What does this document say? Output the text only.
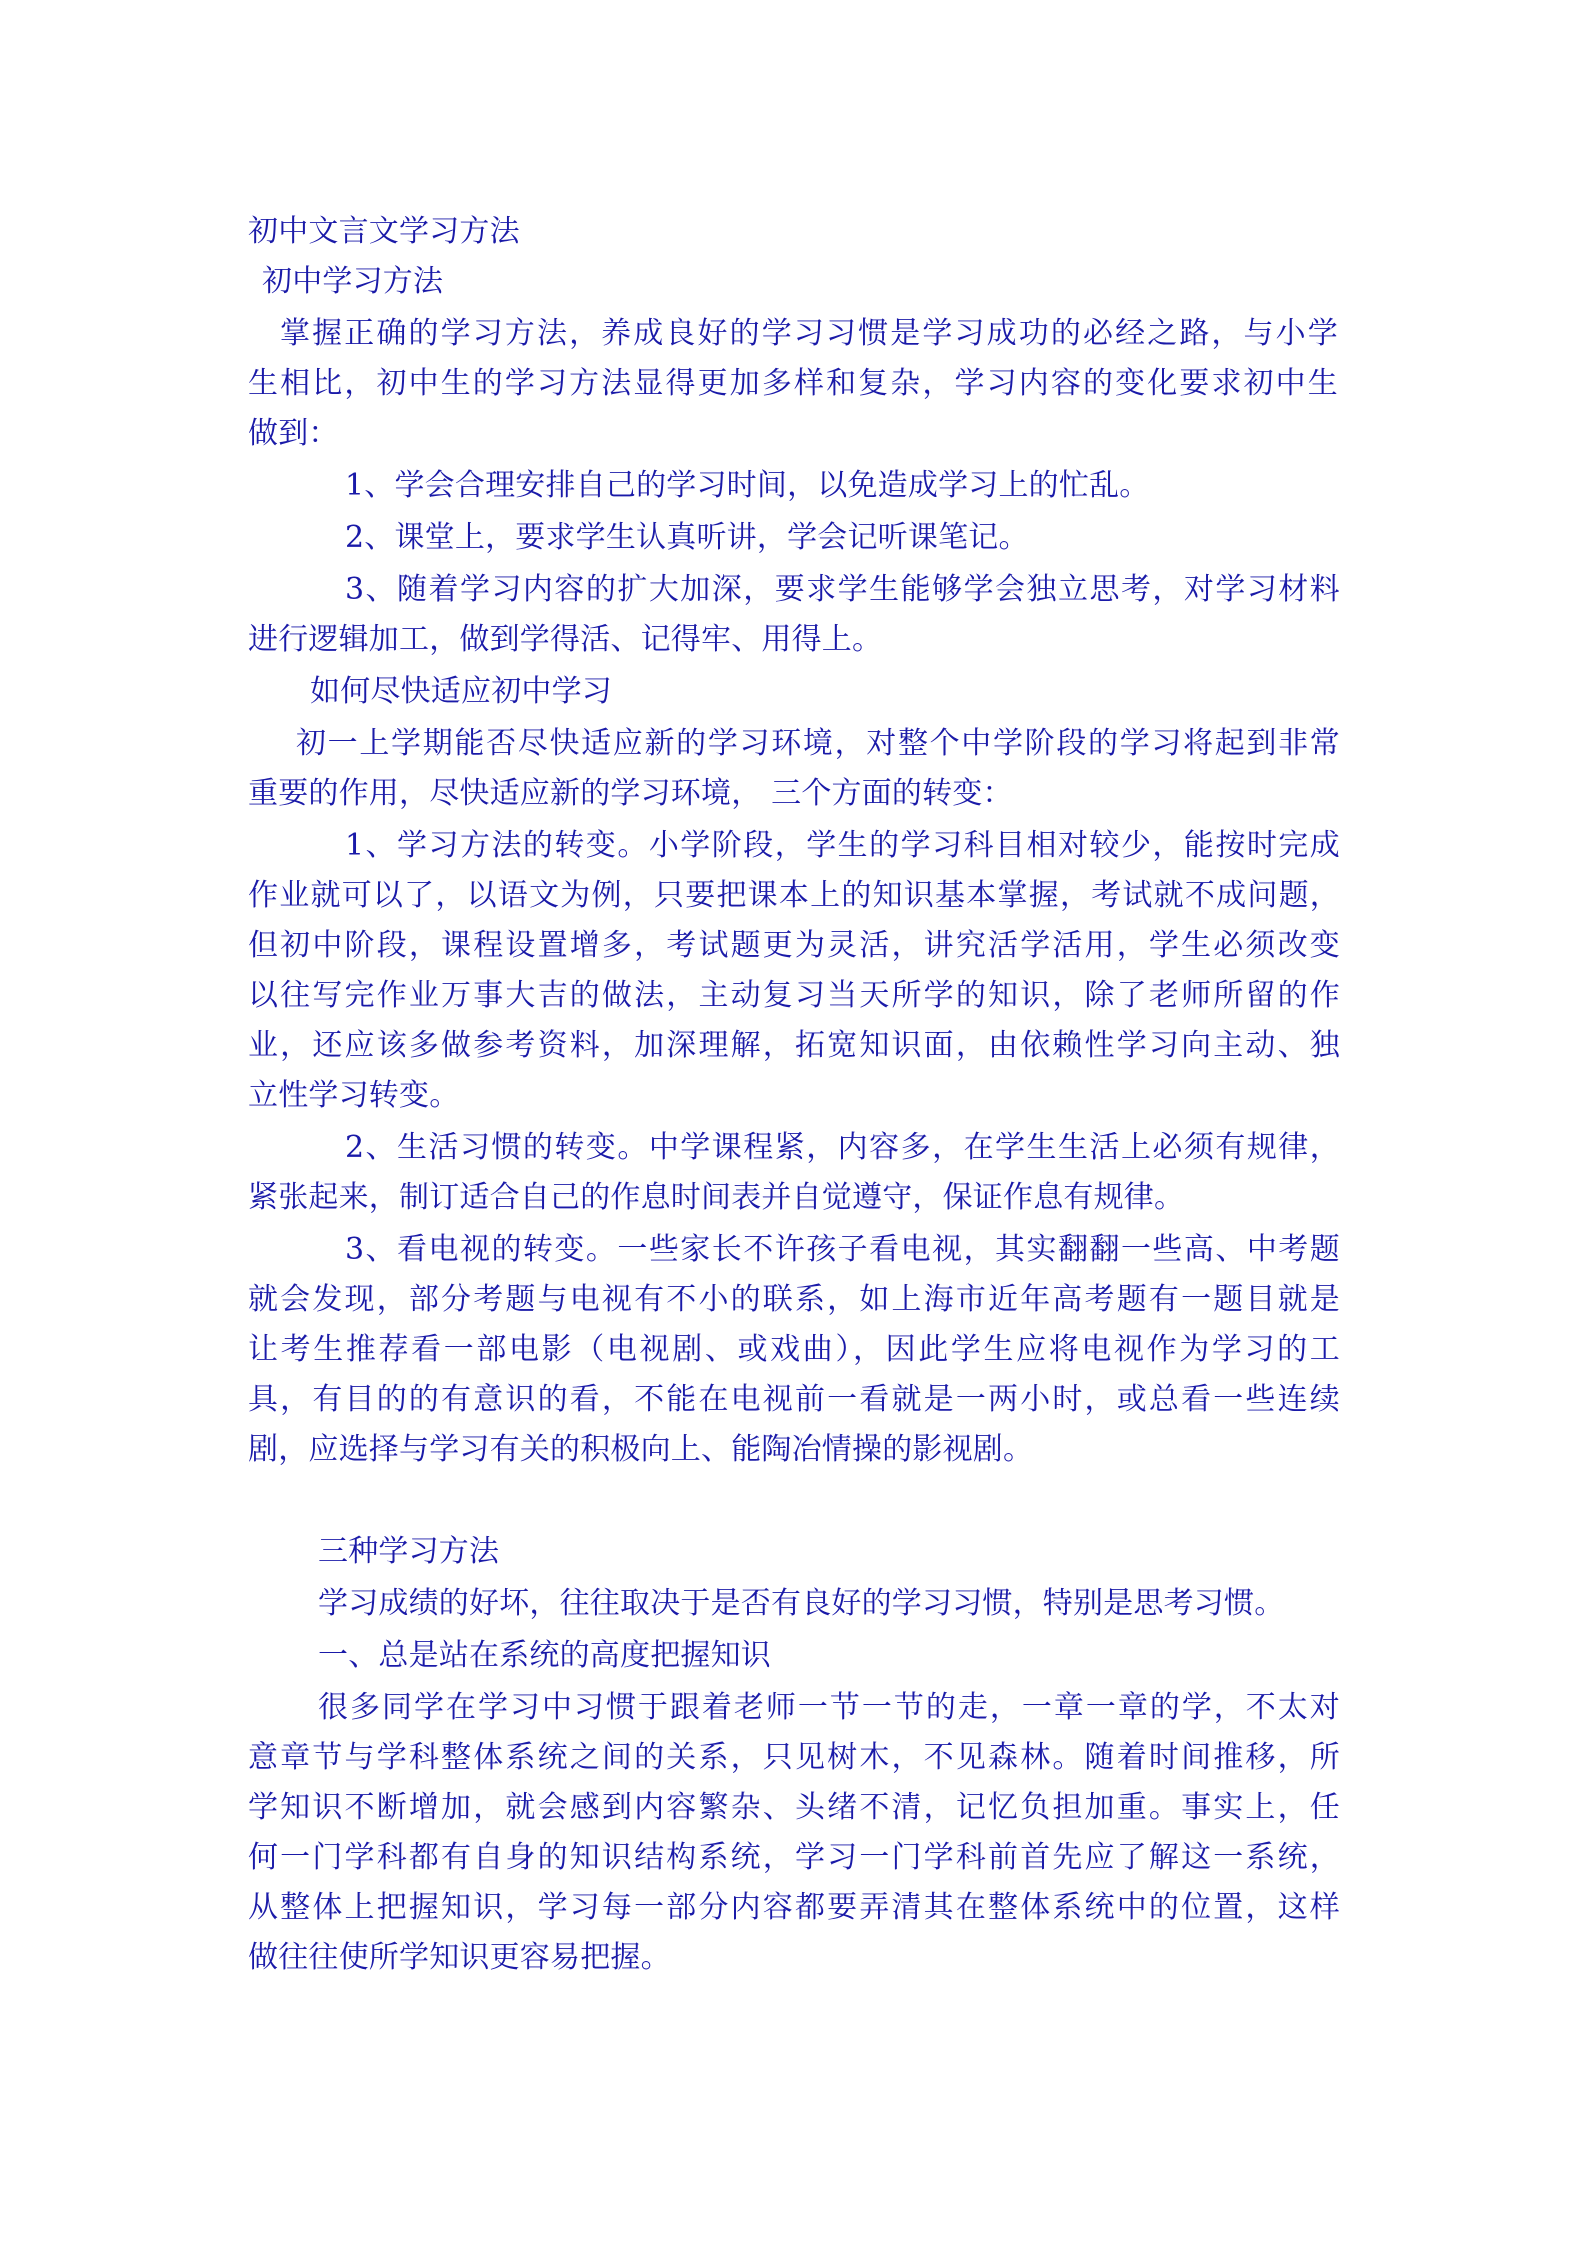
初中文言文学习方法
初中学习方法
掌握正确的学习方法，养成良好的学习习惯是学习成功的必经之路，与小学
生相比，初中生的学习方法显得更加多样和复杂，学习内容的变化要求初中生
做到：
1、学会合理安排自己的学习时间，以免造成学习上的忙乱。
2、课堂上，要求学生认真听讲，学会记听课笔记。
3、随着学习内容的扩大加深，要求学生能够学会独立思考，对学习材料
进行逻辑加工，做到学得活、记得牢、用得上。
如何尽快适应初中学习
初一上学期能否尽快适应新的学习环境，对整个中学阶段的学习将起到非常
重要的作用，尽快适应新的学习环境， 三个方面的转变：
1、学习方法的转变。小学阶段，学生的学习科目相对较少，能按时完成
作业就可以了，以语文为例，只要把课本上的知识基本掌握，考试就不成问题，
但初中阶段，课程设置增多，考试题更为灵活，讲究活学活用，学生必须改变
以往写完作业万事大吉的做法，主动复习当天所学的知识，除了老师所留的作
业，还应该多做参考资料，加深理解，拓宽知识面，由依赖性学习向主动、独
立性学习转变。
2、生活习惯的转变。中学课程紧，内容多，在学生生活上必须有规律，
紧张起来，制订适合自己的作息时间表并自觉遵守，保证作息有规律。
3、看电视的转变。一些家长不许孩子看电视，其实翻翻一些高、中考题
就会发现，部分考题与电视有不小的联系，如上海市近年高考题有一题目就是
让考生推荐看一部电影（电视剧、或戏曲），因此学生应将电视作为学习的工
具，有目的的有意识的看，不能在电视前一看就是一两小时，或总看一些连续
剧，应选择与学习有关的积极向上、能陶冶情操的影视剧。
三种学习方法
学习成绩的好坏，往往取决于是否有良好的学习习惯，特别是思考习惯。
一、总是站在系统的高度把握知识
很多同学在学习中习惯于跟着老师一节一节的走，一章一章的学，不太对
意章节与学科整体系统之间的关系，只见树木，不见森林。随着时间推移，所
学知识不断增加，就会感到内容繁杂、头绪不清，记忆负担加重。事实上，任
何一门学科都有自身的知识结构系统，学习一门学科前首先应了解这一系统，
从整体上把握知识，学习每一部分内容都要弄清其在整体系统中的位置，这样
做往往使所学知识更容易把握。
